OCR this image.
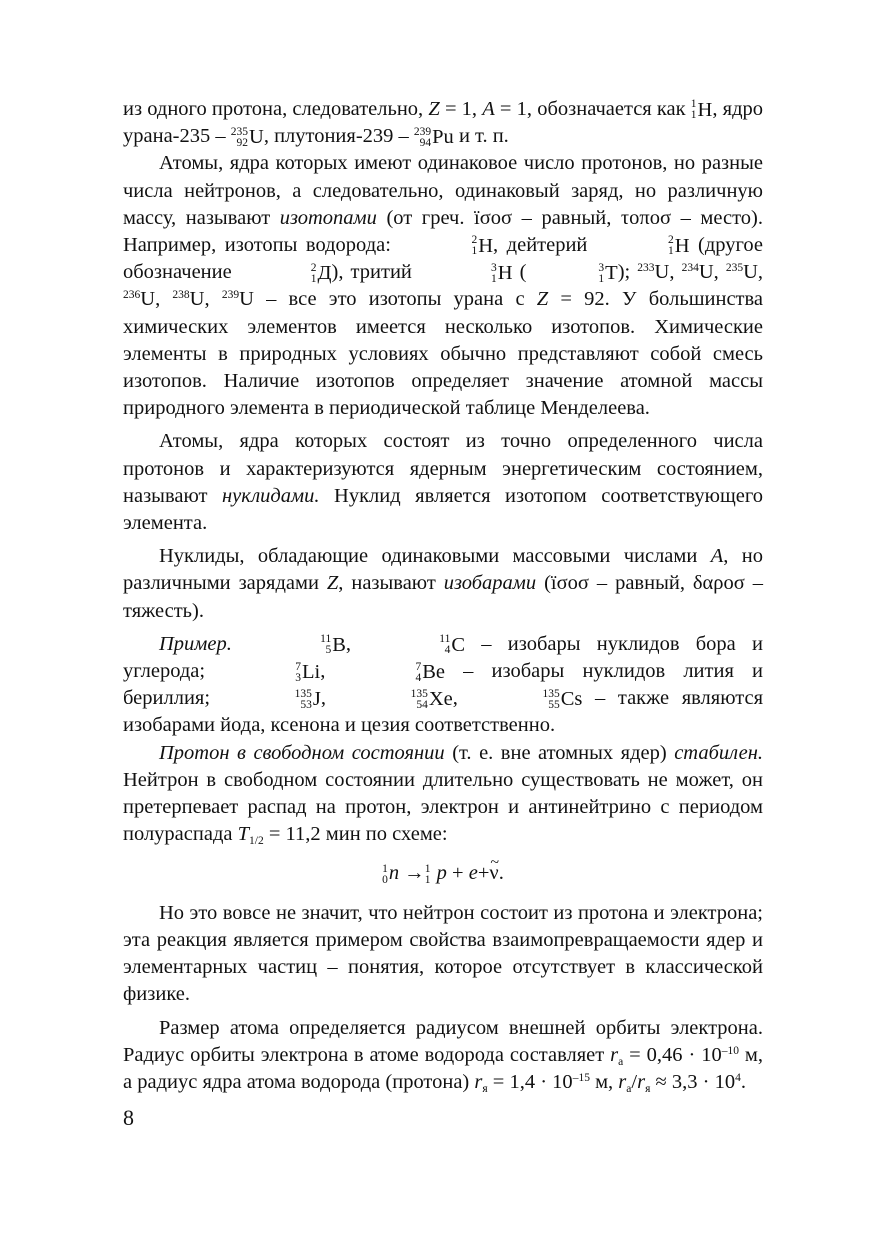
из одного протона, следовательно, Z = 1, A = 1, обозначается как 1
1 H, ядро урана-235 – 235
92 U, плутония-239 – 239
94 Pu и т. п.

Атомы, ядра которых имеют одинаковое число протонов, но разные числа нейтронов, а следовательно, одинаковый заряд, но различную массу, называют изотопами (от греч. ïσοσ – равный, τoπoσ – место). Например, изотопы водорода:	2
1 H, дейтерий	2
1 H (другое обозначение	2
1 Д), тритий	3
1 H (	3
1 T); $^{233}$U, $^{234}$U, $^{235}$U, $^{236}$U, $^{238}$U, $^{239}$U – все это изотопы урана с Z = 92. У большинства химических элементов имеется несколько изотопов. Химические элементы в природных условиях обычно представляют собой смесь изотопов. Наличие изотопов определяет значение атомной массы природного элемента в периодической таблице Менделеева.

Атомы, ядра которых состоят из точно определенного числа протонов и характеризуются ядерным энергетическим состоянием, называют нуклидами. Нуклид является изотопом соответствующего элемента.

Нуклиды, обладающие одинаковыми массовыми числами A, но различными зарядами Z, называют изобарами (ïσοσ – равный, δαρoσ – тяжесть).

Пример.	11
5 B,	11
4 C – изобары нуклидов бора и углерода;	7
3 Li,	7
4 Be – изобары нуклидов лития и бериллия;	135
53 J,	135
54 Xe,	135
55 Cs – также являются изобарами йода, ксенона и цезия соответственно.

Протон в свободном состоянии (т. е. вне атомных ядер) стабилен. Нейтрон в свободном состоянии длительно существовать не может, он претерпевает распад на протон, электрон и антинейтрино с периодом полураспада $T_{1/2} = 11,2$ мин по схеме:

1
0 n → 1
1 p + e+~ ν.

Но это вовсе не значит, что нейтрон состоит из протона и электрона; эта реакция является примером свойства взаимопревращаемости ядер и элементарных частиц – понятия, которое отсутствует в классической физике.

Размер атома определяется радиусом внешней орбиты электрона. Радиус орбиты электрона в атоме водорода составляет $r_а = 0,46 \cdot 10^{-10}$ м, а радиус ядра атома водорода (протона) $r_я = 1,4 \cdot 10^{-15}$ м, $r_а/r_я \approx 3,3 \cdot 10^4$.

8
